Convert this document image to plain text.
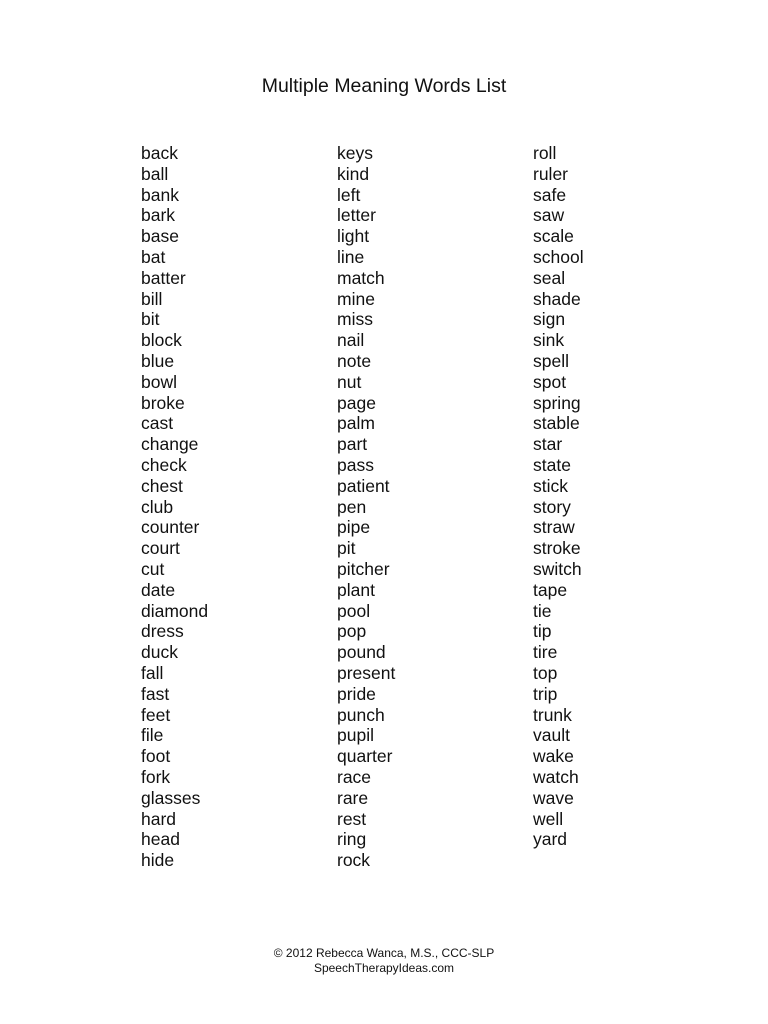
Multiple Meaning Words List
back
ball
bank
bark
base
bat
batter
bill
bit
block
blue
bowl
broke
cast
change
check
chest
club
counter
court
cut
date
diamond
dress
duck
fall
fast
feet
file
foot
fork
glasses
hard
head
hide
keys
kind
left
letter
light
line
match
mine
miss
nail
note
nut
page
palm
part
pass
patient
pen
pipe
pit
pitcher
plant
pool
pop
pound
present
pride
punch
pupil
quarter
race
rare
rest
ring
rock
roll
ruler
safe
saw
scale
school
seal
shade
sign
sink
spell
spot
spring
stable
star
state
stick
story
straw
stroke
switch
tape
tie
tip
tire
top
trip
trunk
vault
wake
watch
wave
well
yard
© 2012 Rebecca Wanca, M.S., CCC-SLP
SpeechTherapyIdeas.com
